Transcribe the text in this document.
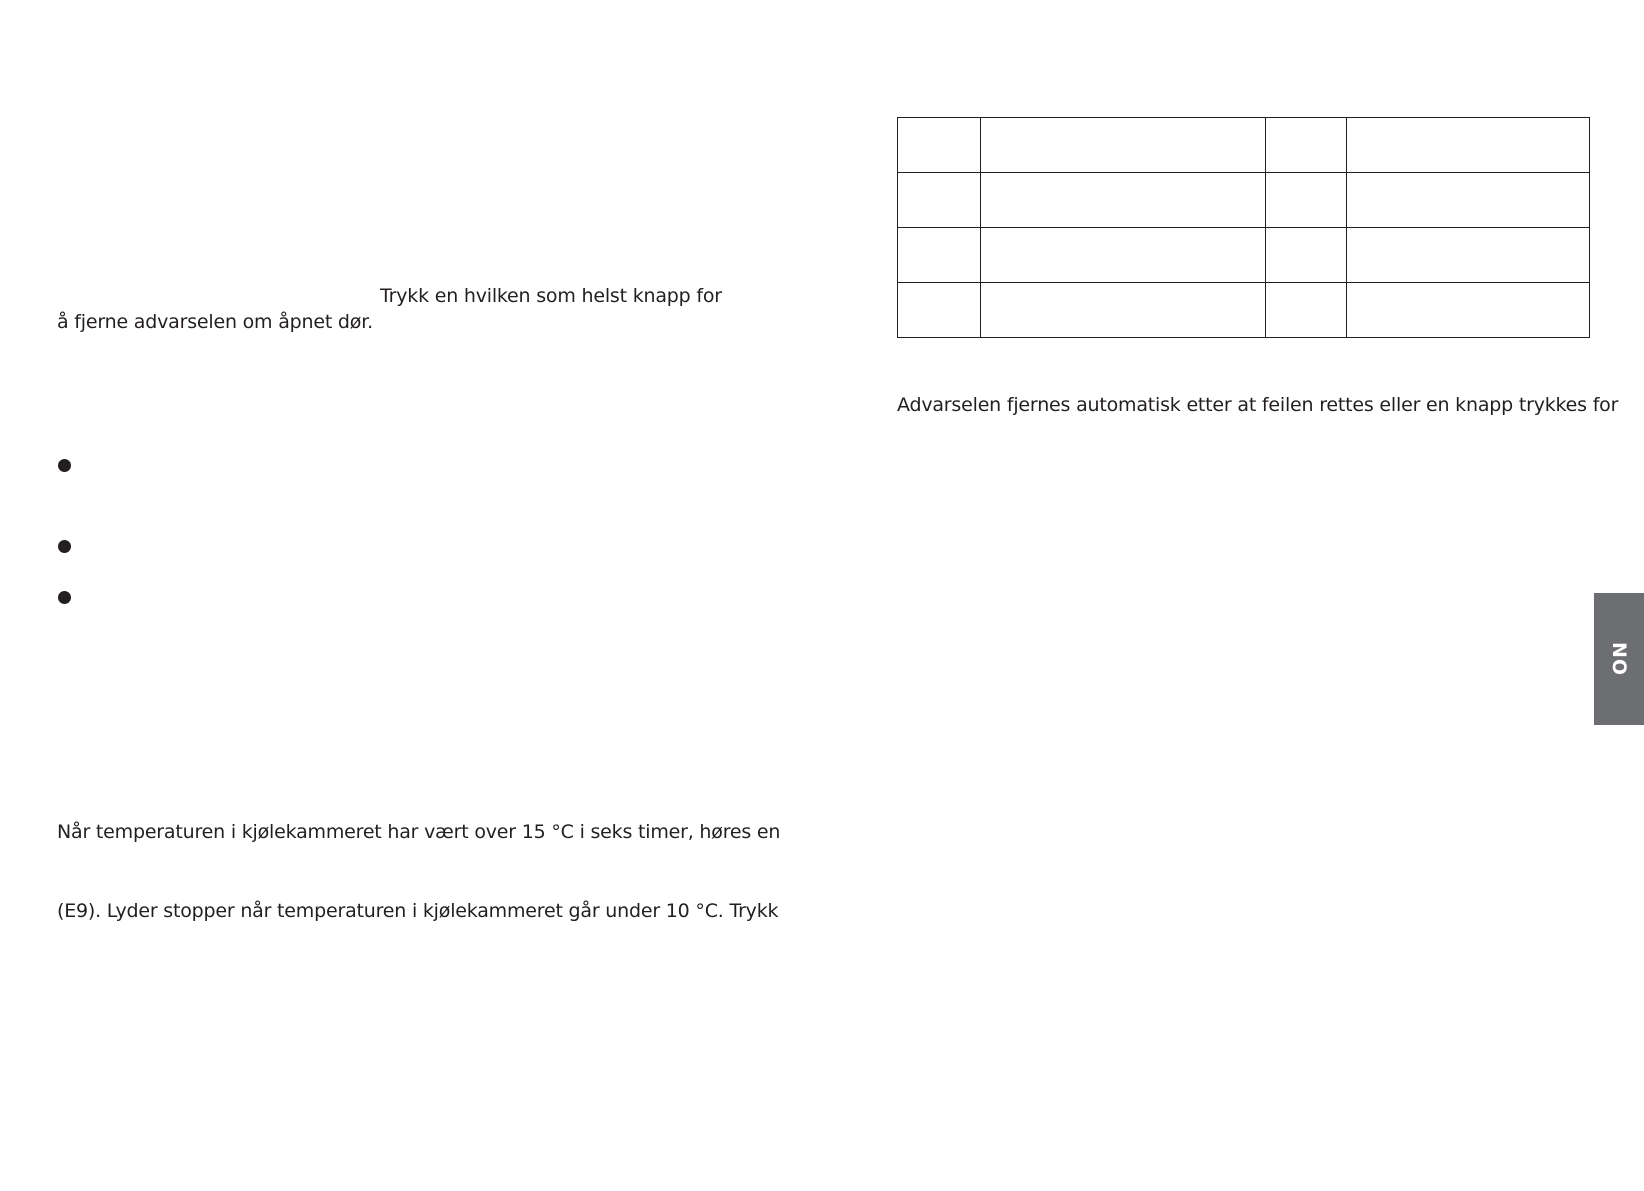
Trykk en hvilken som helst knapp for
å fjerne advarselen om åpnet dør.
Når temperaturen i kjølekammeret har vært over 15 °C i seks timer, høres en
(E9). Lyder stopper når temperaturen i kjølekammeret går under 10 °C. Trykk

Advarselen fjernes automatisk etter at feilen rettes eller en knapp trykkes for
NO
